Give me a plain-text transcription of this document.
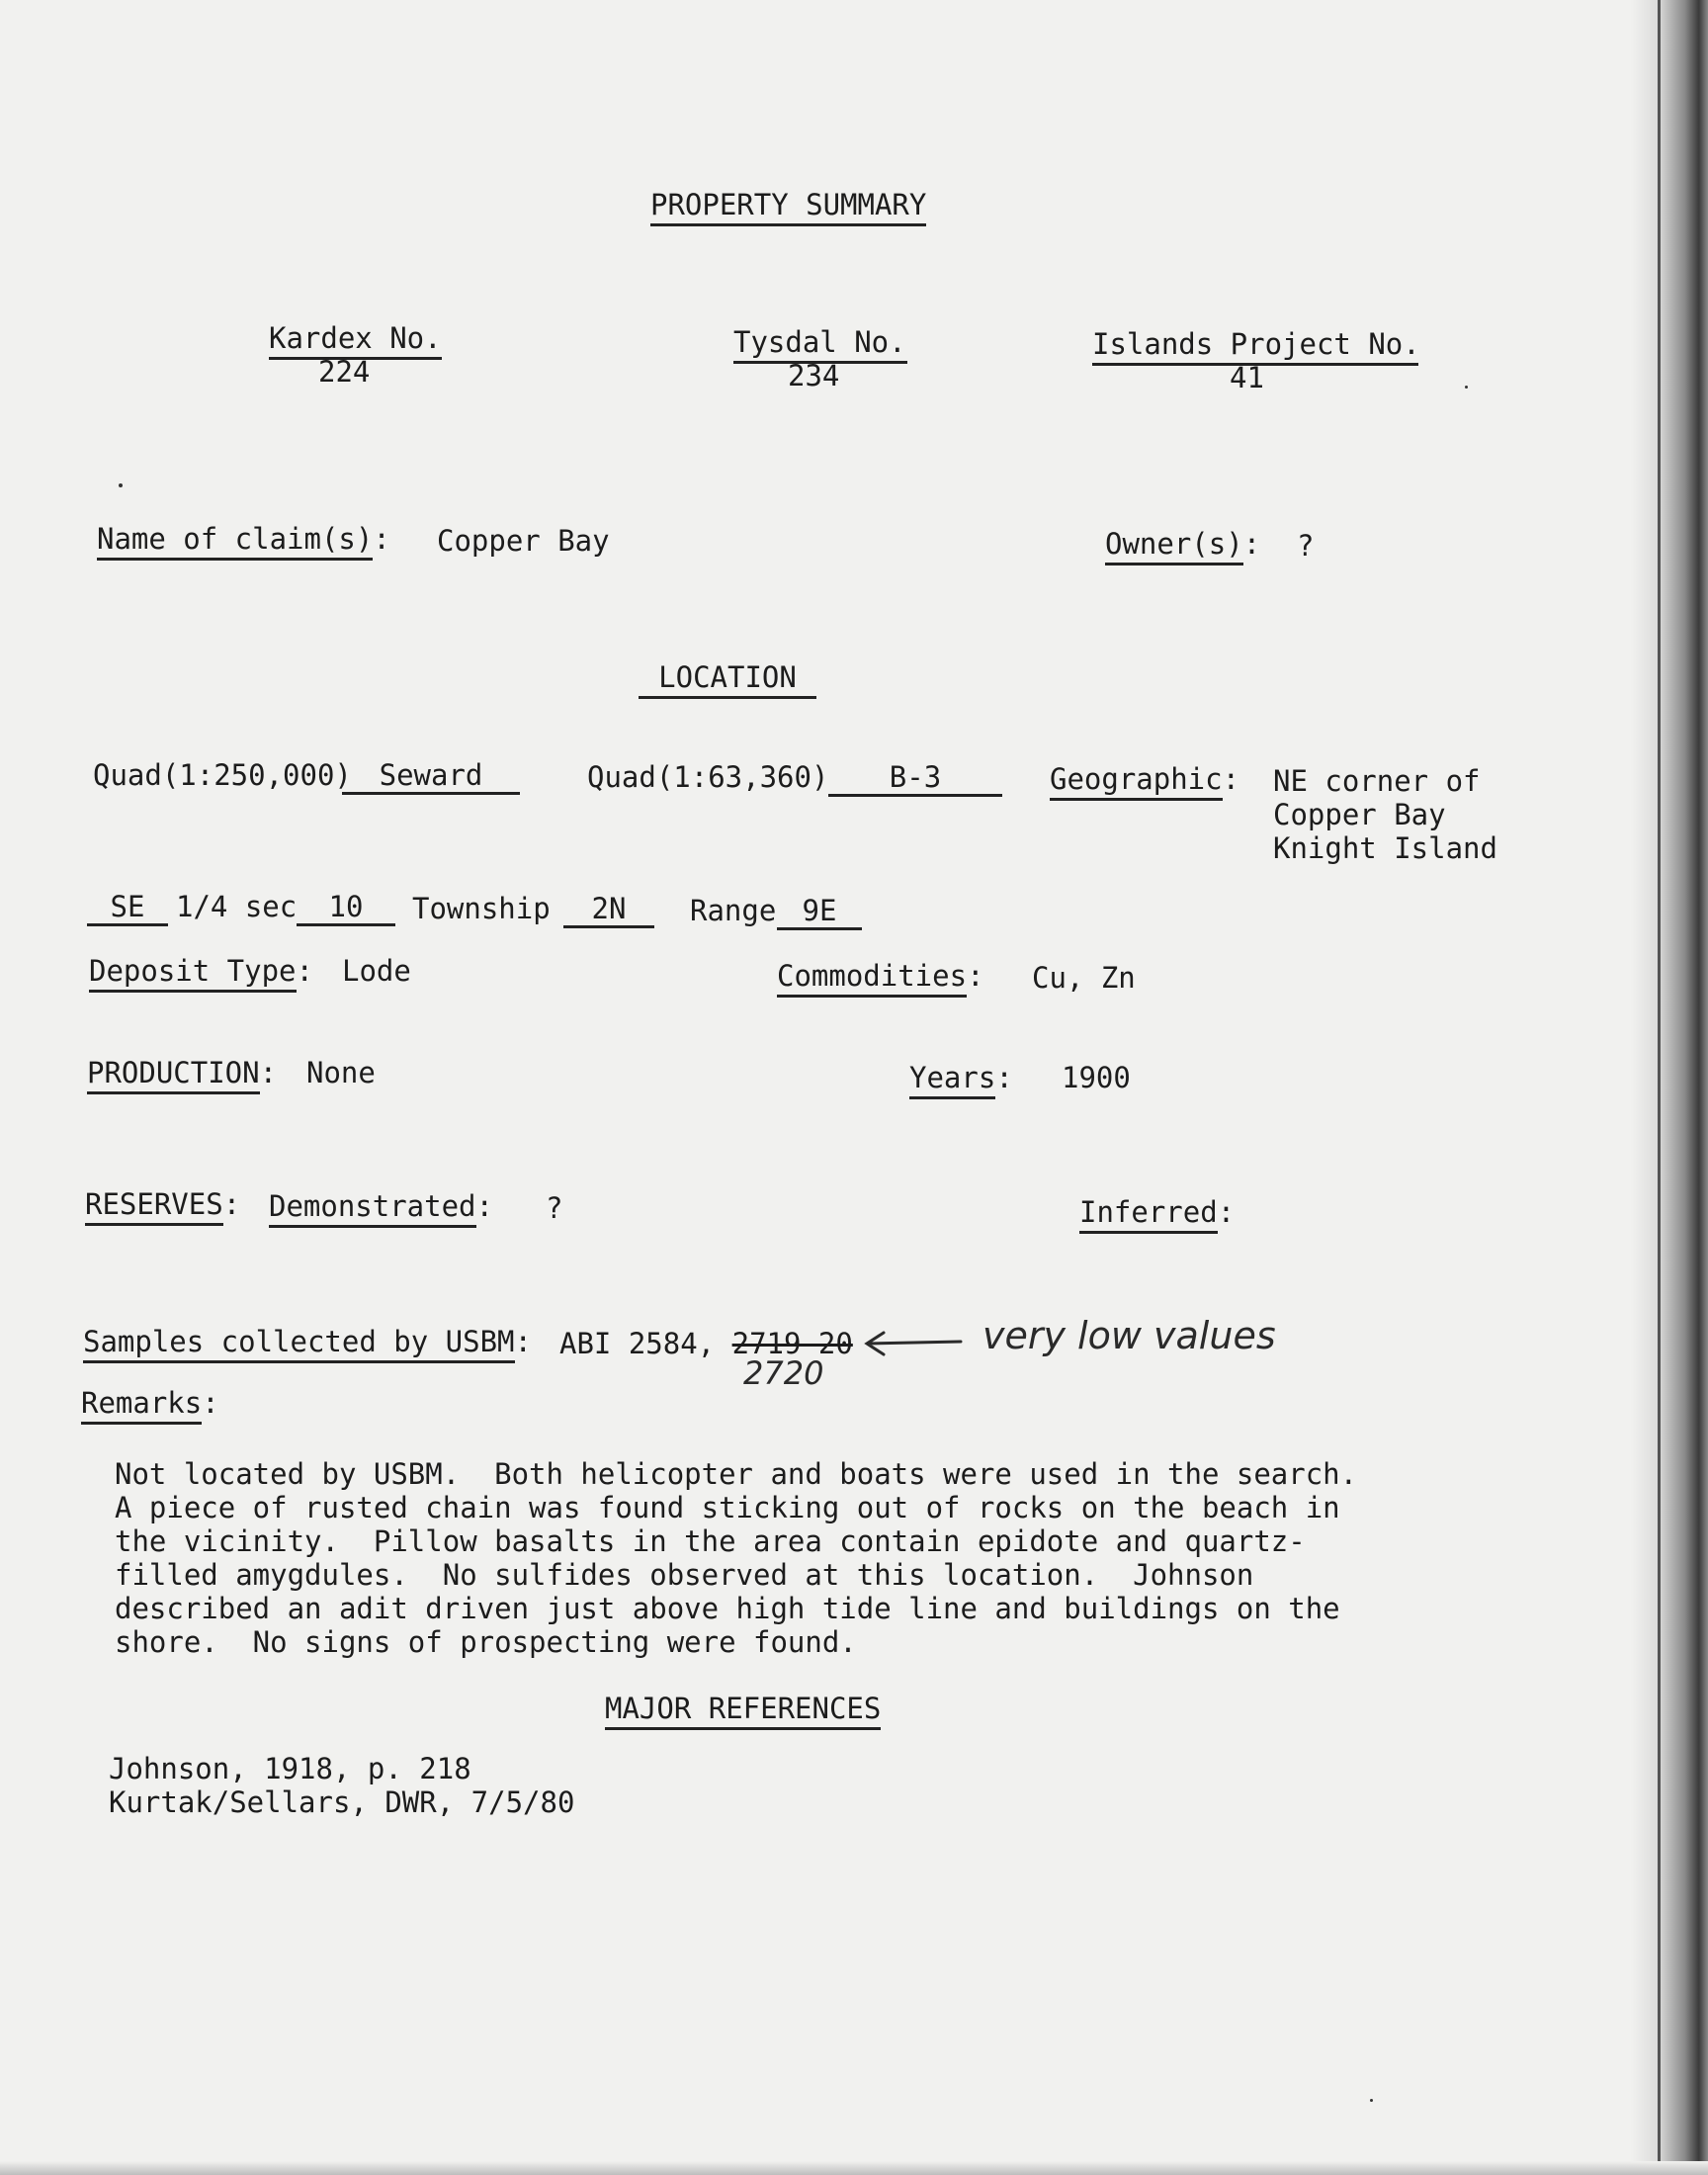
PROPERTY SUMMARY
Kardex No.
224
Tysdal No.
234
Islands Project No.
41
Name of claim(s): Copper Bay	Owner(s): ?
LOCATION
Quad(1:250,000) Seward	Quad(1:63,360)	B-3	Geographic: NE corner of
Copper Bay
Knight Island
SE	1/4 sec	10	Township	2N	Range 9E
Deposit Type: Lode	Commodities: Cu, Zn
PRODUCTION: None	Years: 1900
RESERVES: Demonstrated: ?	Inferred:
Samples collected by USBM: ABI 2584, 2719-20
2720
very low values
Remarks:
Not located by USBM.  Both helicopter and boats were used in the search.
A piece of rusted chain was found sticking out of rocks on the beach in
the vicinity.  Pillow basalts in the area contain epidote and quartz-
filled amygdules.  No sulfides observed at this location.  Johnson
described an adit driven just above high tide line and buildings on the
shore.  No signs of prospecting were found.
MAJOR REFERENCES
Johnson, 1918, p. 218
Kurtak/Sellars, DWR, 7/5/80
